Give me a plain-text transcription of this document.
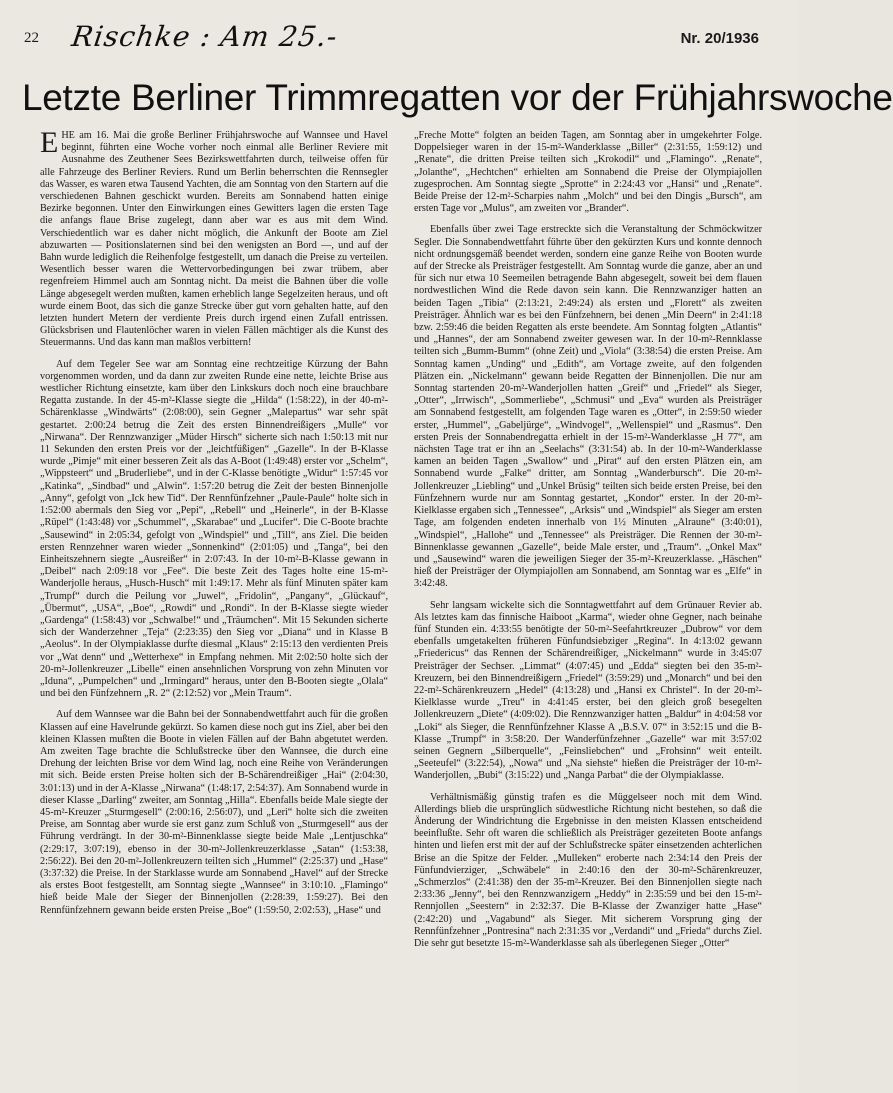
22 Rischke : Am 25.-	Nr. 20/1936
Letzte Berliner Trimmregatten vor der Frühjahrswoche

EHE am 16. Mai die große Berliner Frühjahrswoche auf Wannsee und Havel beginnt, führten eine Woche vorher noch einmal alle Berliner Reviere mit Ausnahme des Zeuthener Sees Bezirkswettfahrten durch, teilweise offen für alle Fahrzeuge des Berliner Reviers. Rund um Berlin beherrschten die Rennsegler das Wasser, es waren etwa Tausend Yachten, die am Sonntag von den Startern auf die verschiedenen Bahnen geschickt wurden. Bereits am Sonnabend hatten einige Bezirke begonnen. Unter den Einwirkungen eines Gewitters lagen die ersten Tage die anfangs flaue Brise zugelegt, dann aber war es aus mit dem Wind. Verschiedentlich war es daher nicht möglich, die Ankunft der Boote am Ziel abzuwarten — Positionslaternen sind bei den wenigsten an Bord —, und auf der Bahn wurde lediglich die Reihenfolge festgestellt, um danach die Preise zu verteilen. Wesentlich besser waren die Wettervorbedingungen bei zwar trübem, aber regenfreiem Himmel auch am Sonntag nicht. Da meist die Bahnen über die volle Länge abgesegelt werden mußten, kamen erheblich lange Segelzeiten heraus, und oft wurde einem Boot, das sich die ganze Strecke über gut vorn gehalten hatte, auf den letzten hundert Metern der verdiente Preis durch irgend einen Zufall entrissen. Glücksbrisen und Flautenlöcher waren in vielen Fällen mächtiger als die Kunst des Steuermanns. Und das kann man maßlos verbittern!

Auf dem Tegeler See war am Sonntag eine rechtzeitige Kürzung der Bahn vorgenommen worden, und da dann zur zweiten Runde eine nette, leichte Brise aus westlicher Richtung einsetzte, kam über den Linkskurs doch noch eine brauchbare Regatta zustande. In der 45-m²-Klasse siegte die „Hilda“ (1:58:22), in der 40-m²-Schärenklasse „Windwärts“ (2:08:00), sein Gegner „Malepartus“ war sehr spät gestartet. 2:00:24 betrug die Zeit des ersten Binnendreißigers „Mulle“ vor „Nirwana“. Der Rennzwanziger „Müder Hirsch“ sicherte sich nach 1:50:13 mit nur 11 Sekunden den ersten Preis vor der „leichtfüßigen“ „Gazelle“. In der B-Klasse wurde „Pimje“ mit einer besseren Zeit als das A-Boot (1:49:48) erster vor „Schelm“, „Wippsteert“ und „Bruderliebe“, und in der C-Klasse benötigte „Widur“ 1:57:45 vor „Katinka“, „Sindbad“ und „Alwin“. 1:57:20 betrug die Zeit der besten Binnenjolle „Anny“, gefolgt von „Ick hew Tid“. Der Rennfünfzehner „Paule-Paule“ holte sich in 1:52:00 abermals den Sieg vor „Pepi“, „Rebell“ und „Heinerle“, in der B-Klasse „Rüpel“ (1:43:48) vor „Schummel“, „Skarabae“ und „Lucifer“. Die C-Boote brachte „Sausewind“ in 2:05:34, gefolgt von „Windspiel“ und „Till“, ans Ziel. Die beiden ersten Rennzehner waren wieder „Sonnenkind“ (2:01:05) und „Tanga“, bei den Einheitszehnern siegte „Ausreißer“ in 2:07:43. In der 10-m²-B-Klasse gewann in „Deibel“ nach 2:09:18 vor „Fee“. Die beste Zeit des Tages holte eine 15-m²-Wanderjolle heraus, „Husch-Husch“ mit 1:49:17. Mehr als fünf Minuten später kam „Trumpf“ durch die Peilung vor „Juwel“, „Fridolin“, „Pangany“, „Glückauf“, „Übermut“, „USA“, „Boe“, „Rowdi“ und „Rondi“. In der B-Klasse siegte wieder „Gardenga“ (1:58:43) vor „Schwalbe!“ und „Träumchen“. Mit 15 Sekunden sicherte sich der Wanderzehner „Teja“ (2:23:35) den Sieg vor „Diana“ und in Klasse B „Aeolus“. In der Olympiaklasse durfte diesmal „Klaus“ 2:15:13 den verdienten Preis vor „Wat denn“ und „Wetterhexe“ in Empfang nehmen. Mit 2:02:50 holte sich der 20-m²-Jollenkreuzer „Libelle“ einen ansehnlichen Vorsprung von zehn Minuten vor „Iduna“, „Pumpelchen“ und „Irmingard“ heraus, unter den B-Booten siegte „Olala“ und bei den Fünfzehnern „R. 2“ (2:12:52) vor „Mein Traum“.

Auf dem Wannsee war die Bahn bei der Sonnabendwettfahrt auch für die großen Klassen auf eine Havelrunde gekürzt. So kamen diese noch gut ins Ziel, aber bei den kleinen Klassen mußten die Boote in vielen Fällen auf der Bahn abgetutet werden. Am zweiten Tage brachte die Schlußstrecke über den Wannsee, die durch eine Drehung der leichten Brise vor dem Wind lag, noch eine Reihe von Veränderungen mit sich. Beide ersten Preise holten sich der B-Schärendreißiger „Hai“ (2:04:30, 3:01:13) und in der A-Klasse „Nirwana“ (1:48:17, 2:54:37). Am Sonnabend wurde in dieser Klasse „Darling“ zweiter, am Sonntag „Hilla“. Ebenfalls beide Male siegte der 45-m²-Kreuzer „Sturmgesell“ (2:00:16, 2:56:07), und „Leri“ holte sich die zweiten Preise, am Sonntag aber wurde sie erst ganz zum Schluß von „Sturmgesell“ aus der Führung verdrängt. In der 30-m²-Binnenklasse siegte beide Male „Lentjuschka“ (2:29:17, 3:07:19), ebenso in der 30-m²-Jollenkreuzerklasse „Satan“ (1:53:38, 2:56:22). Bei den 20-m²-Jollenkreuzern teilten sich „Hummel“ (2:25:37) und „Hase“ (3:37:32) die Preise. In der Starklasse wurde am Sonnabend „Havel“ auf der Strecke als erstes Boot festgestellt, am Sonntag siegte „Wannsee“ in 3:10:10. „Flamingo“ hieß beide Male der Sieger der Binnenjollen (2:28:39, 1:59:27). Bei den Rennfünfzehnern gewann beide ersten Preise „Boe“ (1:59:50, 2:02:53), „Hase“ und

„Freche Motte“ folgten an beiden Tagen, am Sonntag aber in umgekehrter Folge. Doppelsieger waren in der 15-m²-Wanderklasse „Biller“ (2:31:55, 1:59:12) und „Renate“, die dritten Preise teilten sich „Krokodil“ und „Flamingo“. „Renate“, „Jolanthe“, „Hechtchen“ erhielten am Sonnabend die Preise der Olympiajollen zugesprochen. Am Sonntag siegte „Sprotte“ in 2:24:43 vor „Hansi“ und „Renate“. Beide Preise der 12-m²-Scharpies nahm „Molch“ und bei den Dingis „Bursch“, am ersten Tage vor „Mulus“, am zweiten vor „Brander“.

Ebenfalls über zwei Tage erstreckte sich die Veranstaltung der Schmöckwitzer Segler. Die Sonnabendwettfahrt führte über den gekürzten Kurs und konnte dennoch nicht ordnungsgemäß beendet werden, sondern eine ganze Reihe von Booten wurde auf der Strecke als Preisträger festgestellt. Am Sonntag wurde die ganze, aber an und für sich nur etwa 10 Seemeilen betragende Bahn abgesegelt, soweit bei dem flauen nordwestlichen Wind die Rede davon sein kann. Die Rennzwanziger hatten an beiden Tagen „Tibia“ (2:13:21, 2:49:24) als ersten und „Florett“ als zweiten Preisträger. Ähnlich war es bei den Fünfzehnern, bei denen „Min Deern“ in 2:41:18 bzw. 2:59:46 die beiden Regatten als erste beendete. Am Sonntag folgten „Atlantis“ und „Hannes“, der am Sonnabend zweiter gewesen war. In der 10-m²-Rennklasse teilten sich „Bumm-Bumm“ (ohne Zeit) und „Viola“ (3:38:54) die ersten Preise. Am Sonntag kamen „Unding“ und „Edith“, am Vortage zweite, auf den folgenden Plätzen ein. „Nickelmann“ gewann beide Regatten der Binnenjollen. Die nur am Sonntag startenden 20-m²-Wanderjollen hatten „Greif“ und „Friedel“ als Sieger, „Otter“, „Irrwisch“, „Sommerliebe“, „Schmusi“ und „Eva“ wurden als Preisträger am Sonnabend festgestellt, am folgenden Tage waren es „Otter“, in 2:59:50 wieder erster, „Hummel“, „Gabeljürge“, „Windvogel“, „Wellenspiel“ und „Rasmus“. Den ersten Preis der Sonnabendregatta erhielt in der 15-m²-Wanderklasse „H 77“, am nächsten Tage trat er ihn an „Seelachs“ (3:31:54) ab. In der 10-m²-Wanderklasse kamen an beiden Tagen „Swallow“ und „Pirat“ auf den ersten Plätzen ein, am Sonnabend wurde „Falke“ dritter, am Sonntag „Wanderbursch“. Die 20-m²-Jollenkreuzer „Liebling“ und „Unkel Brüsig“ teilten sich beide ersten Preise, bei den Fünfzehnern wurde nur am Sonntag gestartet, „Kondor“ erster. In der 20-m²-Kielklasse ergaben sich „Tennessee“, „Arksis“ und „Windspiel“ als Sieger am ersten Tage, am folgenden endeten innerhalb von 1½ Minuten „Alraune“ (3:40:01), „Windspiel“, „Hallohe“ und „Tennessee“ als Preisträger. Die Rennen der 30-m²-Binnenklasse gewannen „Gazelle“, beide Male erster, und „Traum“. „Onkel Max“ und „Sausewind“ waren die jeweiligen Sieger der 35-m²-Kreuzerklasse. „Häschen“ hieß der Preisträger der Olympiajollen am Sonnabend, am Sonntag war es „Elfe“ in 3:42:48.

Sehr langsam wickelte sich die Sonntagwettfahrt auf dem Grünauer Revier ab. Als letztes kam das finnische Haiboot „Karma“, wieder ohne Gegner, nach beinahe fünf Stunden ein. 4:33:55 benötigte der 50-m²-Seefahrtkreuzer „Dubrow“ vor dem ebenfalls umgetakelten früheren Fünfundsiebziger „Regina“. In 4:13:02 gewann „Friedericus“ das Rennen der Schärendreißiger, „Nickelmann“ wurde in 3:45:07 Preisträger der Sechser. „Limmat“ (4:07:45) und „Edda“ siegten bei den 35-m²-Kreuzern, bei den Binnendreißigern „Friedel“ (3:59:29) und „Monarch“ und bei den 22-m²-Schärenkreuzern „Hedel“ (4:13:28) und „Hansi ex Christel“. In der 20-m²-Kielklasse wurde „Treu“ in 4:41:45 erster, bei den gleich groß besegelten Jollenkreuzern „Diete“ (4:09:02). Die Rennzwanziger hatten „Baldur“ in 4:04:58 vor „Loki“ als Sieger, die Rennfünfzehner Klasse A „B.S.V. 07“ in 3:52:15 und die B-Klasse „Trumpf“ in 3:58:20. Der Wanderfünfzehner „Gazelle“ war mit 3:57:02 seinen Gegnern „Silberquelle“, „Feinsliebchen“ und „Frohsinn“ weit enteilt. „Seeteufel“ (3:22:54), „Nowa“ und „Na siehste“ hießen die Preisträger der 10-m²-Wanderjollen, „Bubi“ (3:15:22) und „Nanga Parbat“ die der Olympiaklasse.

Verhältnismäßig günstig trafen es die Müggelseer noch mit dem Wind. Allerdings blieb die ursprünglich südwestliche Richtung nicht bestehen, so daß die Änderung der Windrichtung die Ergebnisse in den meisten Klassen entscheidend beeinflußte. Sehr oft waren die schließlich als Preisträger gezeiteten Boote anfangs hinten und liefen erst mit der auf der Schlußstrecke später einsetzenden achterlichen Brise an die Spitze der Felder. „Mulleken“ eroberte nach 2:34:14 den Preis der Fünfundvierziger, „Schwäbele“ in 2:40:16 den der 30-m²-Schärenkreuzer, „Schmerzlos“ (2:41:38) den der 35-m²-Kreuzer. Bei den Binnenjollen siegte nach 2:33:36 „Jenny“, bei den Rennzwanzigern „Heddy“ in 2:35:59 und bei den 15-m²-Rennjollen „Seestern“ in 2:32:37. Die B-Klasse der Zwanziger hatte „Hase“ (2:42:20) und „Vagabund“ als Sieger. Mit sicherem Vorsprung ging der Rennfünfzehner „Pontresina“ nach 2:31:35 vor „Verdandi“ und „Frieda“ durchs Ziel. Die sehr gut besetzte 15-m²-Wanderklasse sah als überlegenen Sieger „Otter“
